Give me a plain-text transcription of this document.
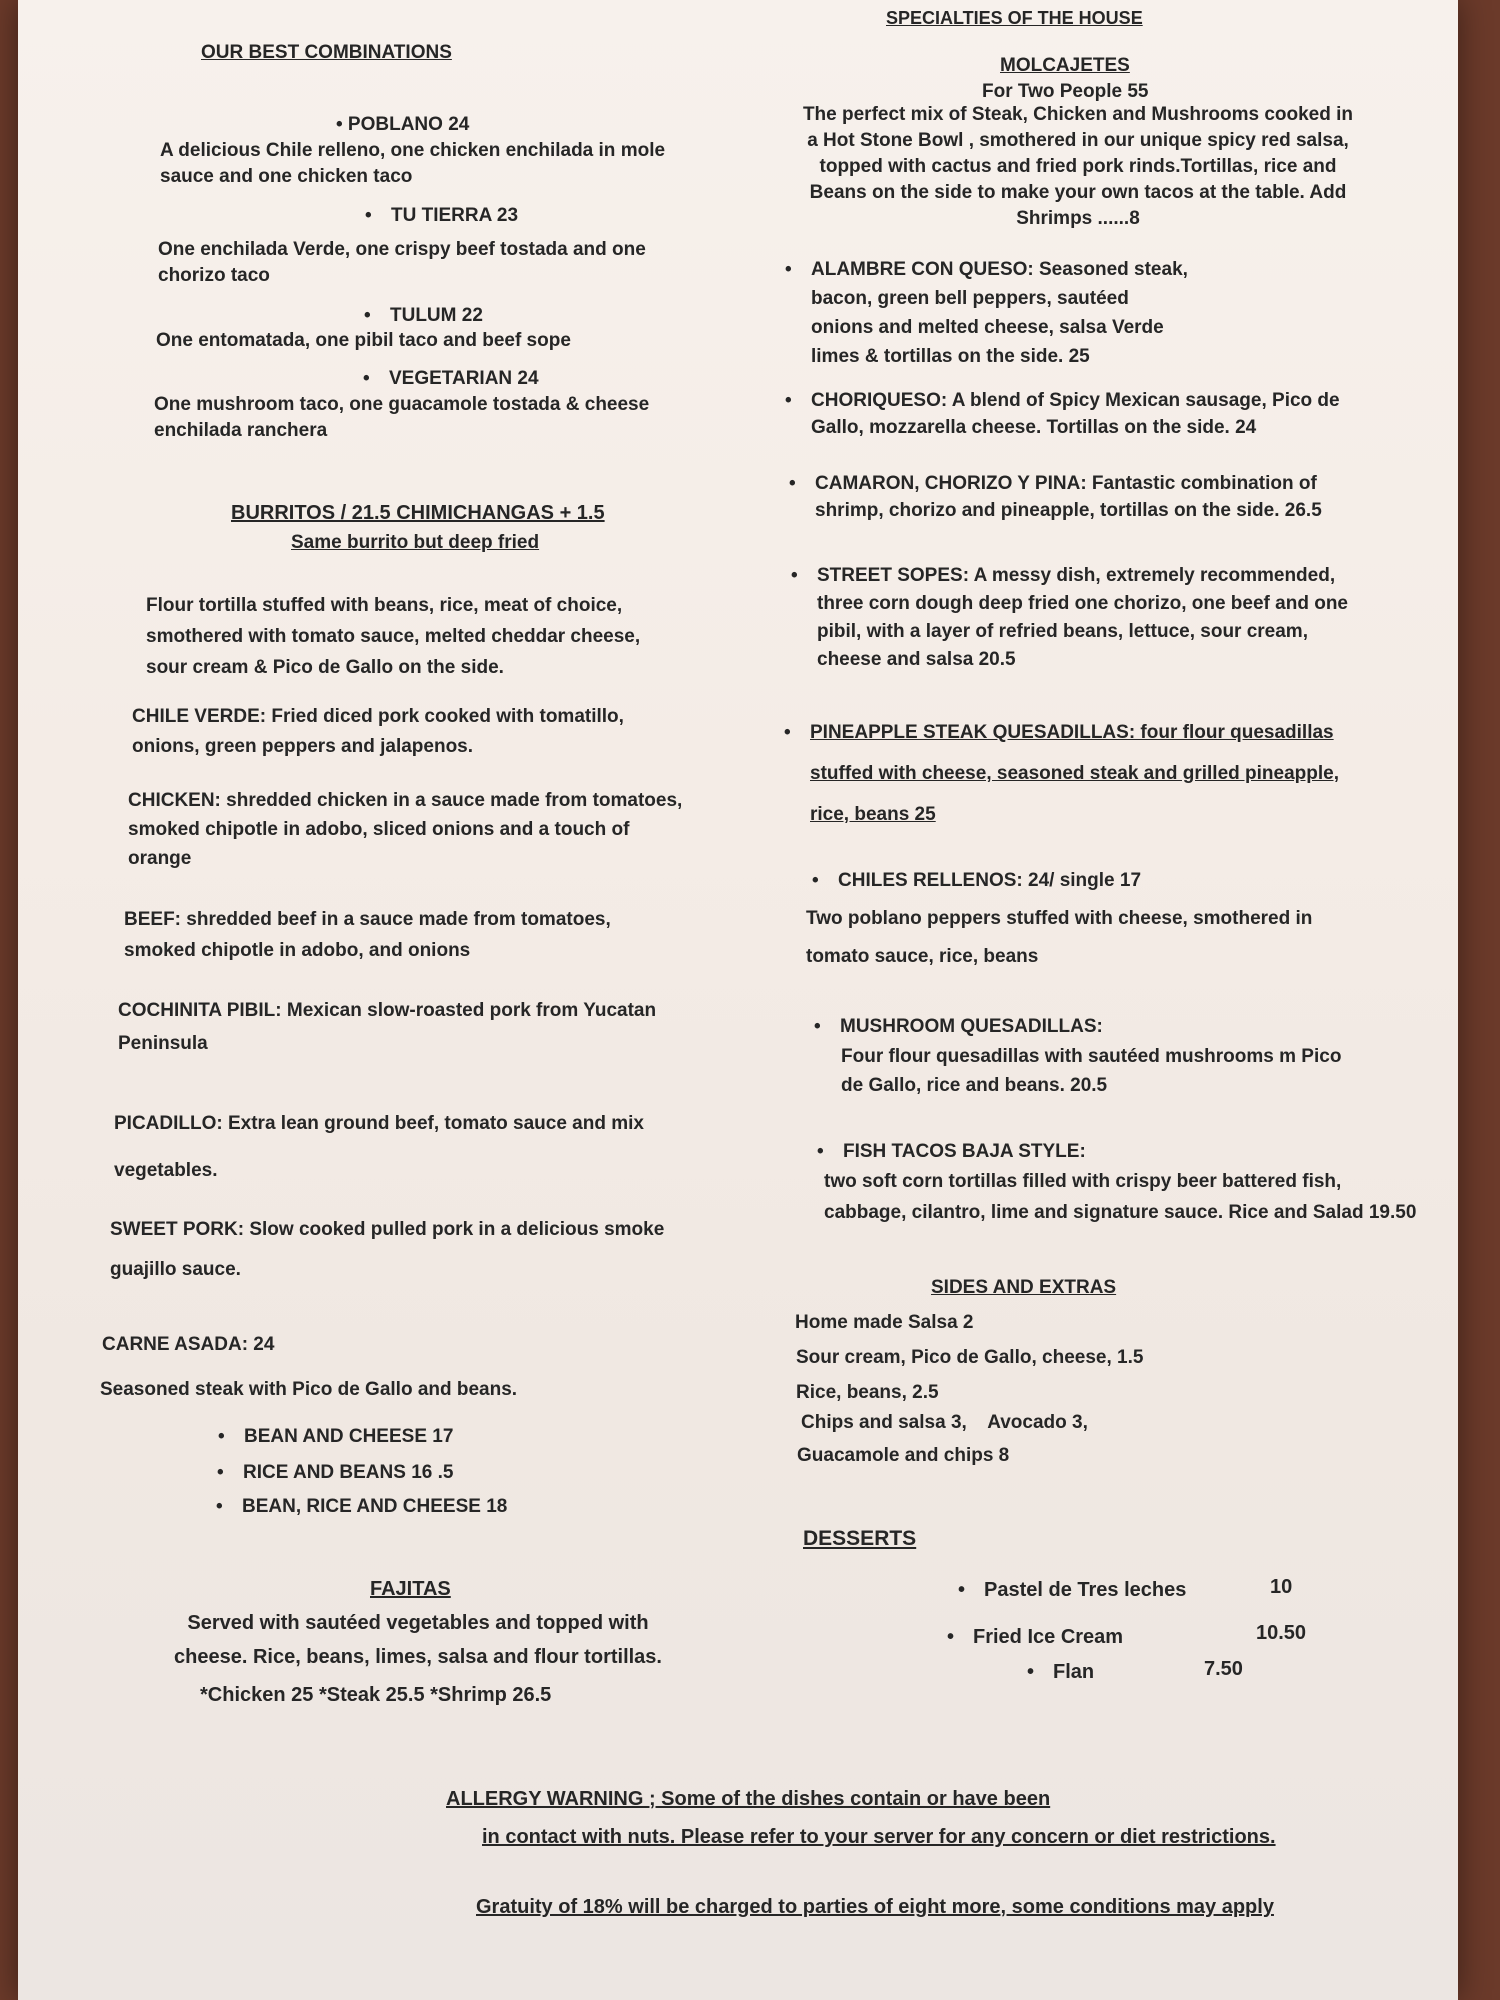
OUR BEST COMBINATIONS
• POBLANO 24
A delicious Chile relleno, one chicken enchilada in mole sauce and one chicken taco
• TU TIERRA 23
One enchilada Verde, one crispy beef tostada and one chorizo taco
• TULUM 22
One entomatada, one pibil taco and beef sope
• VEGETARIAN 24
One mushroom taco, one guacamole tostada & cheese enchilada ranchera
BURRITOS / 21.5 CHIMICHANGAS + 1.5
Same burrito but deep fried
Flour tortilla stuffed with beans, rice, meat of choice, smothered with tomato sauce, melted cheddar cheese, sour cream & Pico de Gallo on the side.
CHILE VERDE: Fried diced pork cooked with tomatillo, onions, green peppers and jalapenos.
CHICKEN: shredded chicken in a sauce made from tomatoes, smoked chipotle in adobo, sliced onions and a touch of orange
BEEF: shredded beef in a sauce made from tomatoes, smoked chipotle in adobo, and onions
COCHINITA PIBIL: Mexican slow-roasted pork from Yucatan Peninsula
PICADILLO: Extra lean ground beef, tomato sauce and mix vegetables.
SWEET PORK: Slow cooked pulled pork in a delicious smoke guajillo sauce.
CARNE ASADA: 24
Seasoned steak with Pico de Gallo and beans.
• BEAN AND CHEESE 17
• RICE AND BEANS 16 .5
• BEAN, RICE AND CHEESE 18
FAJITAS
Served with sautéed vegetables and topped with cheese. Rice, beans, limes, salsa and flour tortillas.
*Chicken 25 *Steak 25.5 *Shrimp 26.5
SPECIALTIES OF THE HOUSE
MOLCAJETES
For Two People 55
The perfect mix of Steak, Chicken and Mushrooms cooked in a Hot Stone Bowl , smothered in our unique spicy red salsa, topped with cactus and fried pork rinds.Tortillas, rice and Beans on the side to make your own tacos at the table. Add Shrimps ......8
• ALAMBRE CON QUESO: Seasoned steak, bacon, green bell peppers, sautéed onions and melted cheese, salsa Verde limes & tortillas on the side. 25
• CHORIQUESO: A blend of Spicy Mexican sausage, Pico de Gallo, mozzarella cheese. Tortillas on the side. 24
• CAMARON, CHORIZO Y PINA: Fantastic combination of shrimp, chorizo and pineapple, tortillas on the side. 26.5
• STREET SOPES: A messy dish, extremely recommended, three corn dough deep fried one chorizo, one beef and one pibil, with a layer of refried beans, lettuce, sour cream, cheese and salsa 20.5
• PINEAPPLE STEAK QUESADILLAS: four flour quesadillas stuffed with cheese, seasoned steak and grilled pineapple, rice, beans 25
• CHILES RELLENOS: 24/ single 17
Two poblano peppers stuffed with cheese, smothered in tomato sauce, rice, beans
• MUSHROOM QUESADILLAS:
Four flour quesadillas with sautéed mushrooms m Pico de Gallo, rice and beans. 20.5
• FISH TACOS BAJA STYLE:
two soft corn tortillas filled with crispy beer battered fish, cabbage, cilantro, lime and signature sauce. Rice and Salad 19.50
SIDES AND EXTRAS
Home made Salsa 2
Sour cream, Pico de Gallo, cheese, 1.5
Rice, beans, 2.5
Chips and salsa 3,    Avocado 3,
Guacamole and chips 8
DESSERTS
• Pastel de Tres leches	10
• Fried Ice Cream	10.50
• Flan	7.50
ALLERGY WARNING ; Some of the dishes contain or have been
in contact with nuts. Please refer to your server for any concern or diet restrictions.
Gratuity of 18% will be charged to parties of eight more, some conditions may apply
